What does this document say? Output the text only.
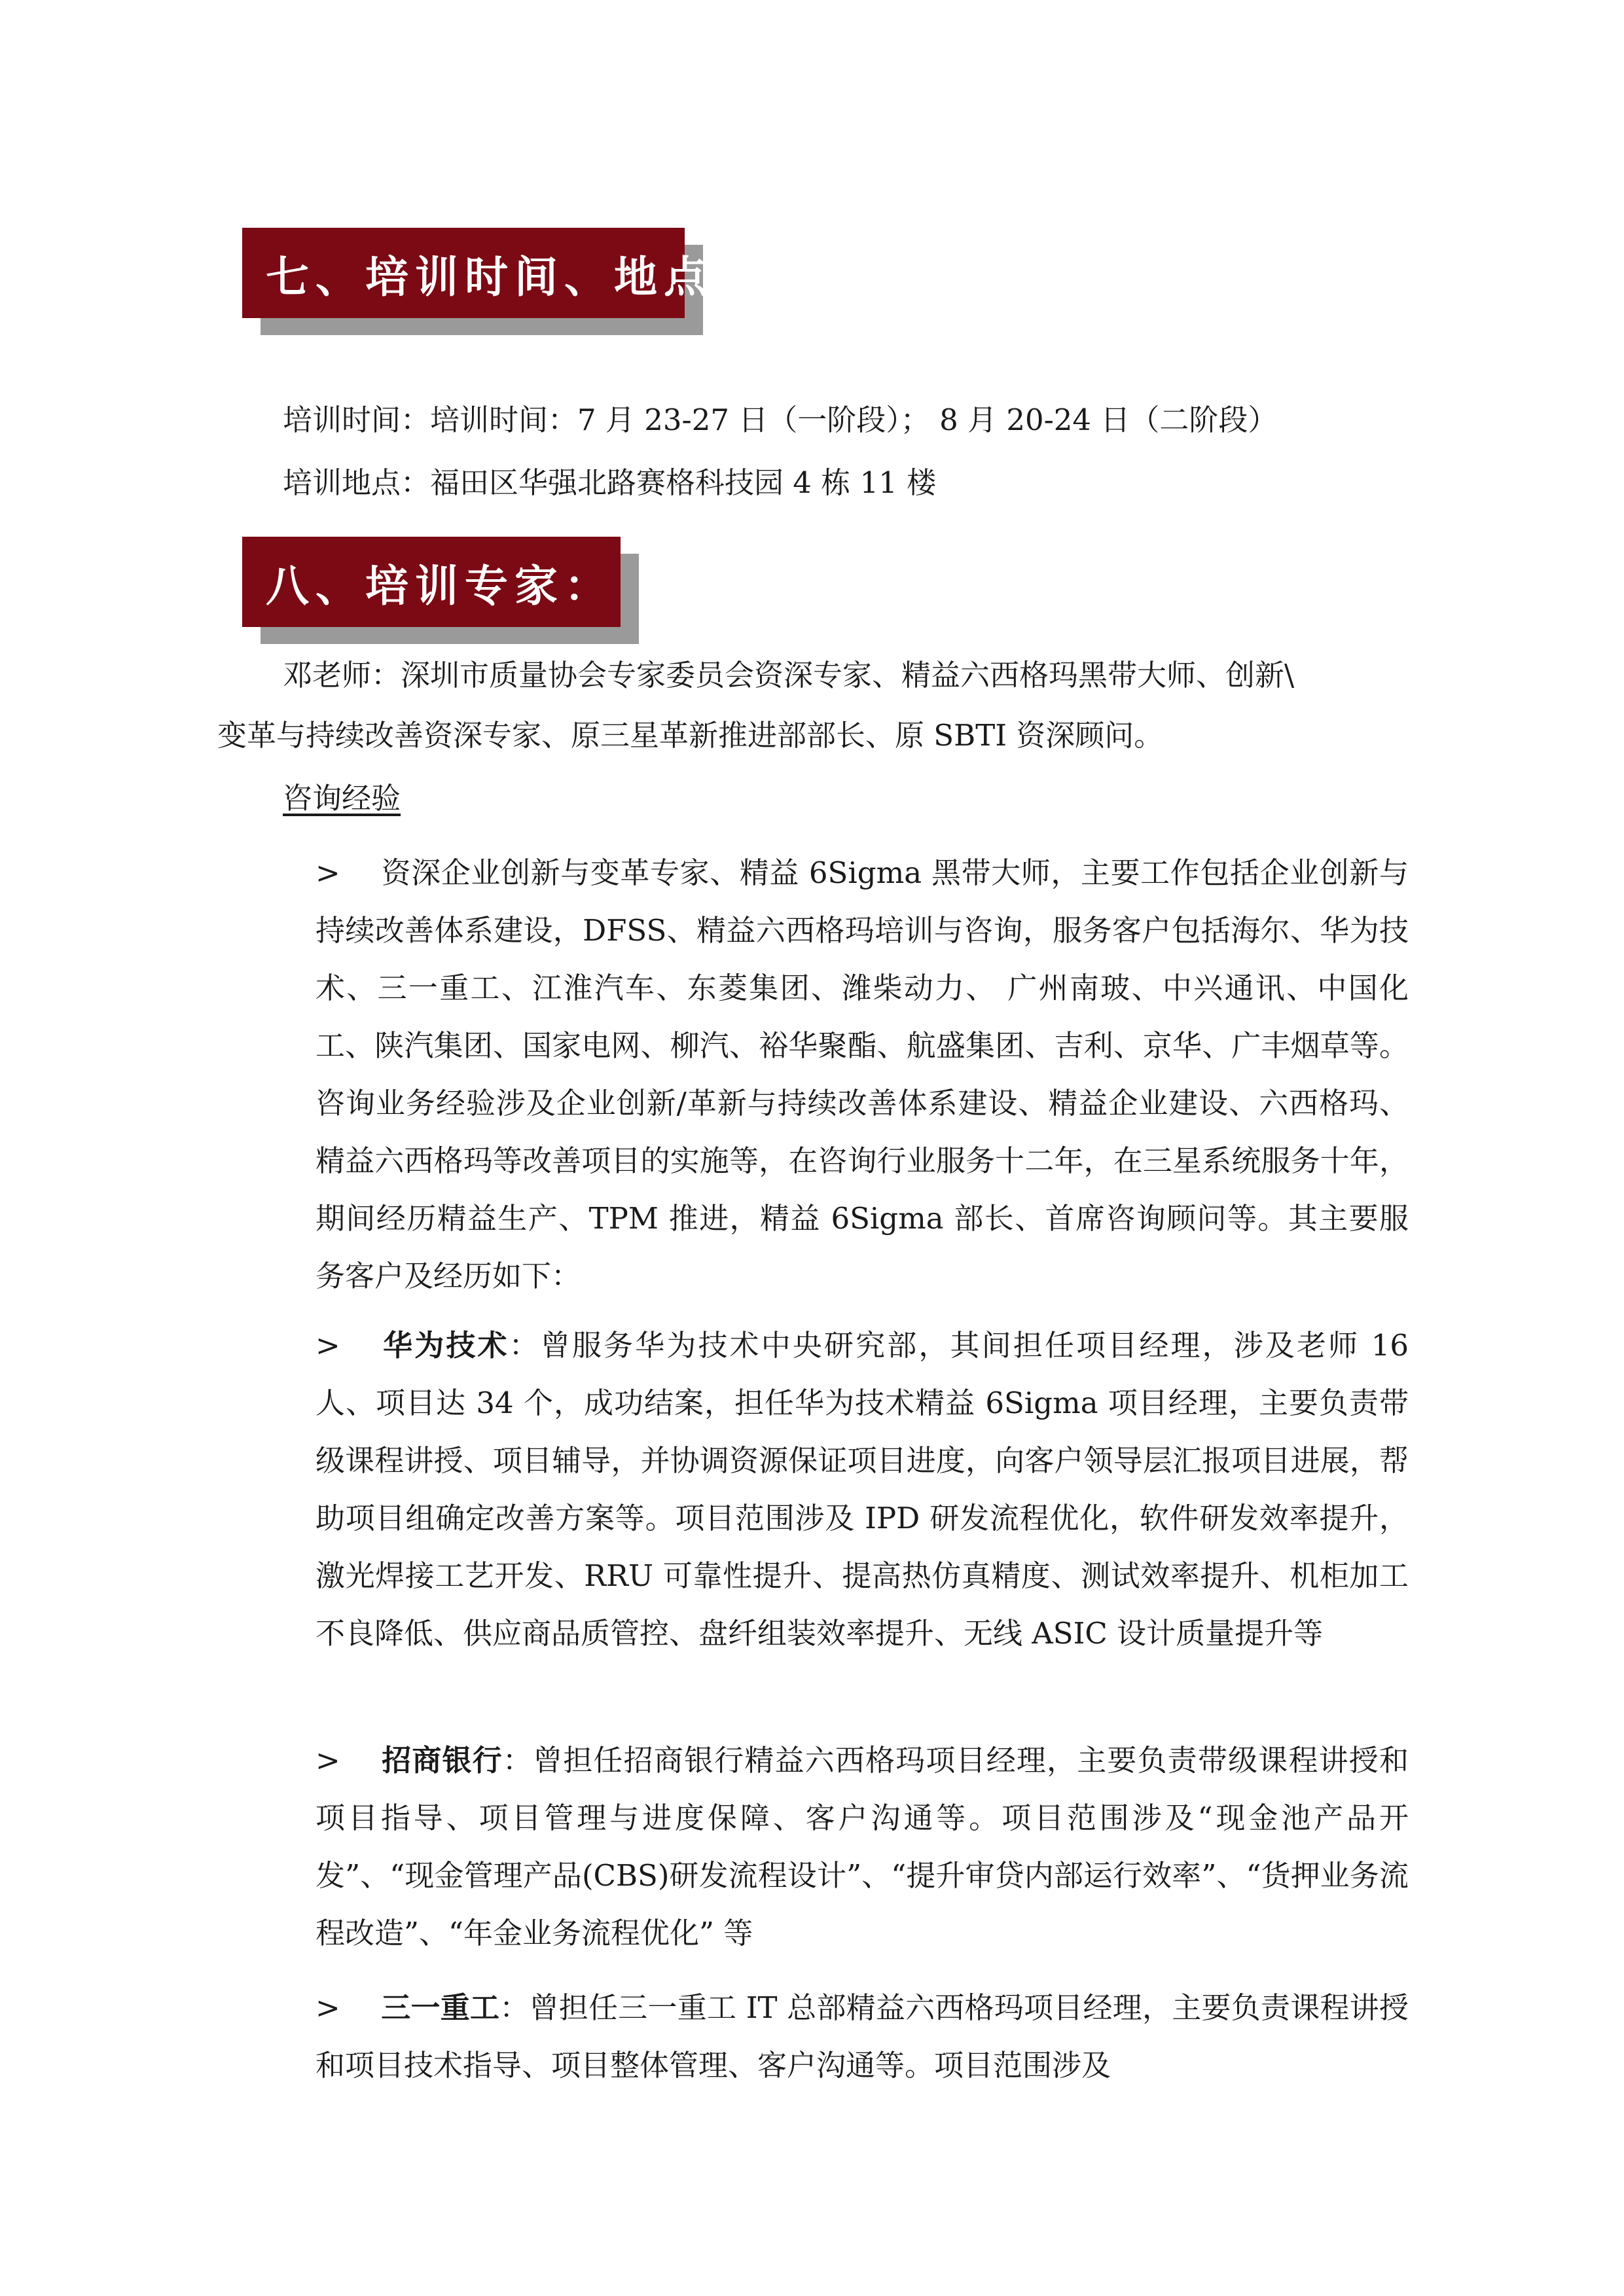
七、培训时间、地点：
培训时间：培训时间：7 月 23-27 日（一阶段）； 8 月 20-24 日（二阶段）
培训地点：福田区华强北路赛格科技园 4 栋 11 楼
八、培训专家：
邓老师：深圳市质量协会专家委员会资深专家、精益六西格玛黑带大师、创新\
变革与持续改善资深专家、原三星革新推进部部长、原 SBTI 资深顾问。
咨询经验
> 资深企业创新与变革专家、精益 6Sigma 黑带大师，主要工作包括企业创新与持续改善体系建设，DFSS、精益六西格玛培训与咨询，服务客户包括海尔、华为技术、三一重工、江淮汽车、东菱集团、潍柴动力、 广州南玻、中兴通讯、中国化工、陕汽集团、国家电网、柳汽、裕华聚酯、航盛集团、吉利、京华、广丰烟草等。咨询业务经验涉及企业创新/革新与持续改善体系建设、精益企业建设、六西格玛、精益六西格玛等改善项目的实施等，在咨询行业服务十二年，在三星系统服务十年，期间经历精益生产、TPM 推进，精益 6Sigma 部长、首席咨询顾问等。其主要服务客户及经历如下：
> 华为技术：曾服务华为技术中央研究部，其间担任项目经理，涉及老师 16 人、项目达 34 个，成功结案，担任华为技术精益 6Sigma 项目经理，主要负责带级课程讲授、项目辅导，并协调资源保证项目进度，向客户领导层汇报项目进展，帮助项目组确定改善方案等。项目范围涉及 IPD 研发流程优化，软件研发效率提升，激光焊接工艺开发、RRU 可靠性提升、提高热仿真精度、测试效率提升、机柜加工不良降低、供应商品质管控、盘纤组装效率提升、无线 ASIC 设计质量提升等
> 招商银行：曾担任招商银行精益六西格玛项目经理，主要负责带级课程讲授和项目指导、项目管理与进度保障、客户沟通等。项目范围涉及“现金池产品开发”、“现金管理产品(CBS)研发流程设计”、“提升审贷内部运行效率”、“货押业务流程改造”、“年金业务流程优化” 等
> 三一重工：曾担任三一重工 IT 总部精益六西格玛项目经理，主要负责课程讲授和项目技术指导、项目整体管理、客户沟通等。项目范围涉及
